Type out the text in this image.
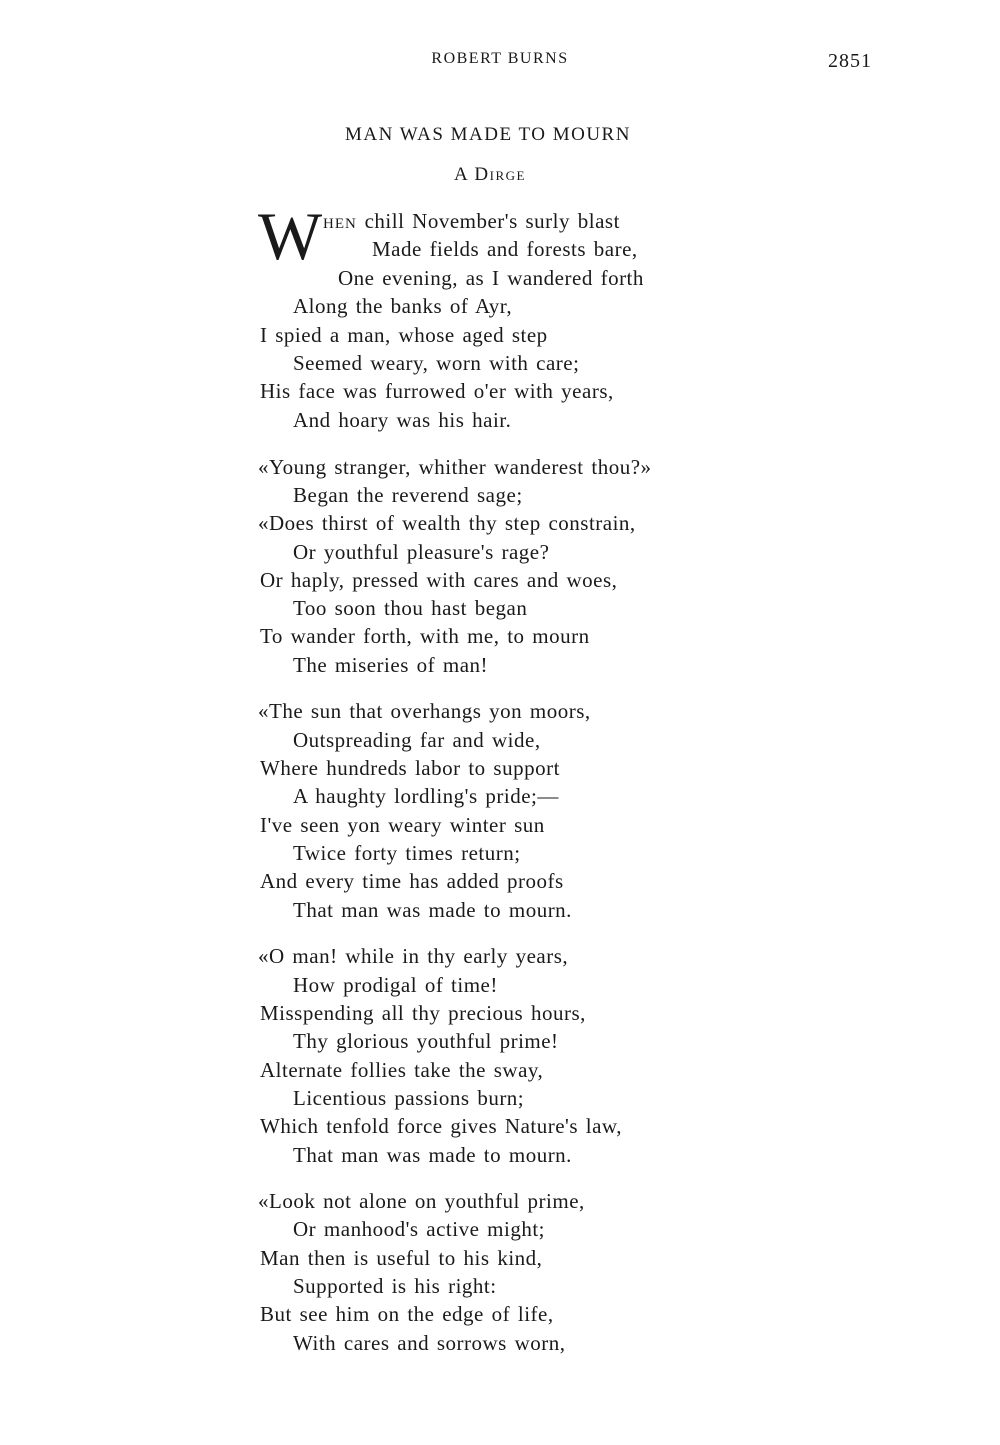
ROBERT BURNS	2851
MAN WAS MADE TO MOURN
A Dirge
W hen chill November's surly blast
Made fields and forests bare,
One evening, as I wandered forth
Along the banks of Ayr,
I spied a man, whose aged step
Seemed weary, worn with care;
His face was furrowed o'er with years,
And hoary was his hair.
«Young stranger, whither wanderest thou?»
Began the reverend sage;
«Does thirst of wealth thy step constrain,
Or youthful pleasure's rage?
Or haply, pressed with cares and woes,
Too soon thou hast began
To wander forth, with me, to mourn
The miseries of man!
«The sun that overhangs yon moors,
Outspreading far and wide,
Where hundreds labor to support
A haughty lordling's pride;—
I've seen yon weary winter sun
Twice forty times return;
And every time has added proofs
That man was made to mourn.
«O man! while in thy early years,
How prodigal of time!
Misspending all thy precious hours,
Thy glorious youthful prime!
Alternate follies take the sway,
Licentious passions burn;
Which tenfold force gives Nature's law,
That man was made to mourn.
«Look not alone on youthful prime,
Or manhood's active might;
Man then is useful to his kind,
Supported is his right:
But see him on the edge of life,
With cares and sorrows worn,
